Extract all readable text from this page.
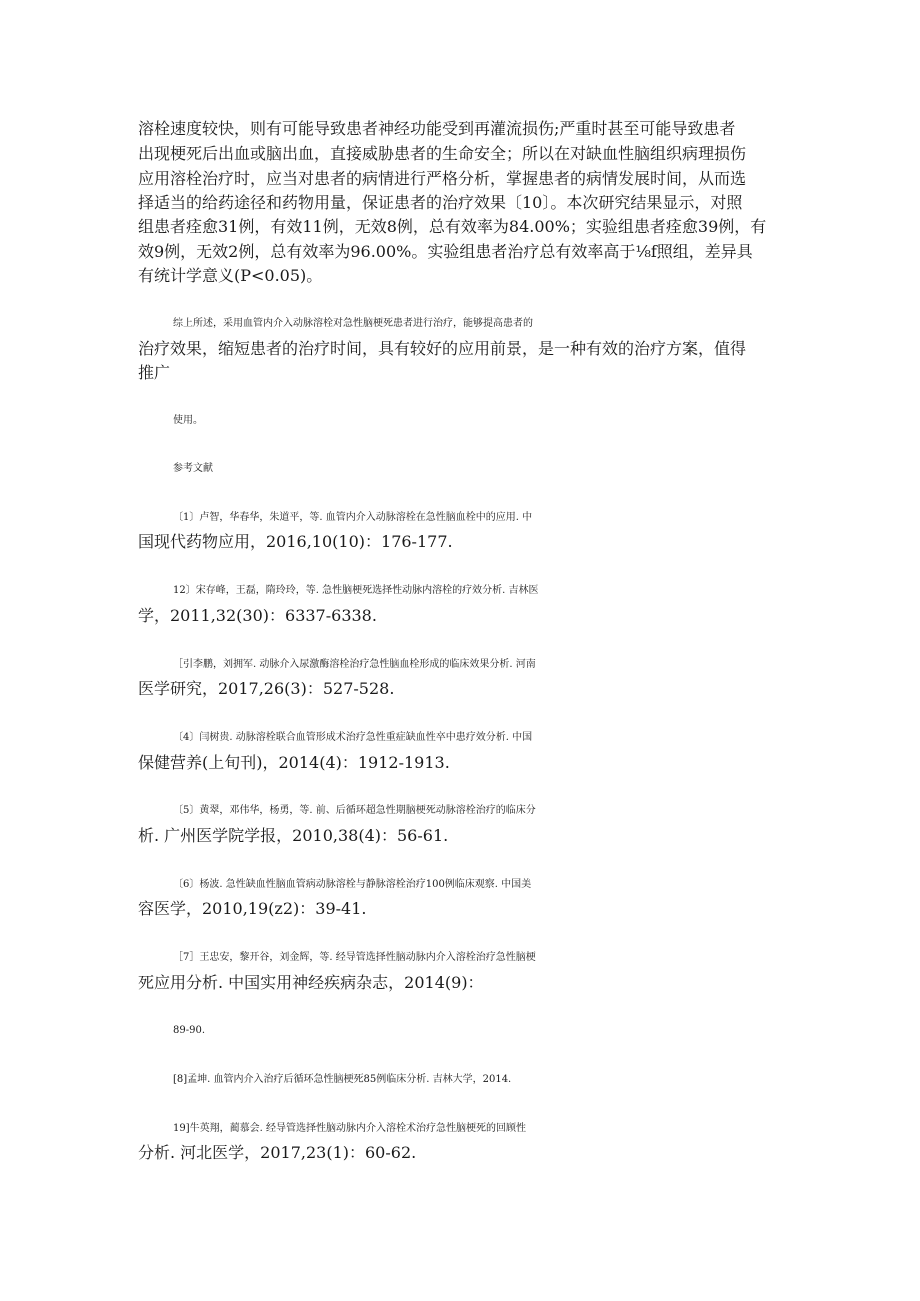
溶栓速度较快，则有可能导致患者神经功能受到再灌流损伤;严重时甚至可能导致患者
出现梗死后出血或脑出血，直接威胁患者的生命安全；所以在对缺血性脑组织病理损伤
应用溶栓治疗时，应当对患者的病情进行严格分析，掌握患者的病情发展时间，从而选
择适当的给药途径和药物用量，保证患者的治疗效果〔10〕。本次研究结果显示，对照
组患者痊愈31例，有效11例，无效8例，总有效率为84.00%；实验组患者痊愈39例，有
效9例，无效2例，总有效率为96.00%。实验组患者治疗总有效率高于⅛f照组，差异具
有统计学意义(P<0.05)。
综上所述，采用血管内介入动脉溶栓对急性脑梗死患者进行治疗，能够提高患者的
治疗效果，缩短患者的治疗时间，具有较好的应用前景，是一种有效的治疗方案，值得
推广
使用。
参考文献
〔1〕卢智，华春华，朱道平，等. 血管内介入动脉溶栓在急性脑血栓中的应用. 中
国现代药物应用，2016,10(10)：176-177.
12〕宋存峰，王磊，隋玲玲，等. 急性脑梗死选择性动脉内溶栓的疗效分析. 吉林医
学，2011,32(30)：6337-6338.
［引李鹏，刘拥军. 动脉介入尿激酶溶栓治疗急性脑血栓形成的临床效果分析. 河南
医学研究，2017,26(3)：527-528.
〔4〕闫树贵. 动脉溶栓联合血管形成术治疗急性重症缺血性卒中患疗效分析. 中国
保健营养(上旬刊)，2014(4)：1912-1913.
〔5〕黄翠，邓伟华，杨勇，等. 前、后循环超急性期脑梗死动脉溶栓治疗的临床分
析. 广州医学院学报，2010,38(4)：56-61.
〔6〕杨波. 急性缺血性脑血管病动脉溶栓与静脉溶栓治疗100例临床观察. 中国美
容医学，2010,19(z2)：39-41.
［7］王忠安，黎开谷，刘金辉，等. 经导管选择性脑动脉内介入溶栓治疗急性脑梗
死应用分析. 中国实用神经疾病杂志，2014(9)：
89-90.
[8]孟坤. 血管内介入治疗后循环急性脑梗死85例临床分析. 吉林大学，2014.
19]牛英翔，蔺慕会. 经导管选择性脑动脉内介入溶栓术治疗急性脑梗死的回顾性
分析. 河北医学，2017,23(1)：60-62.
